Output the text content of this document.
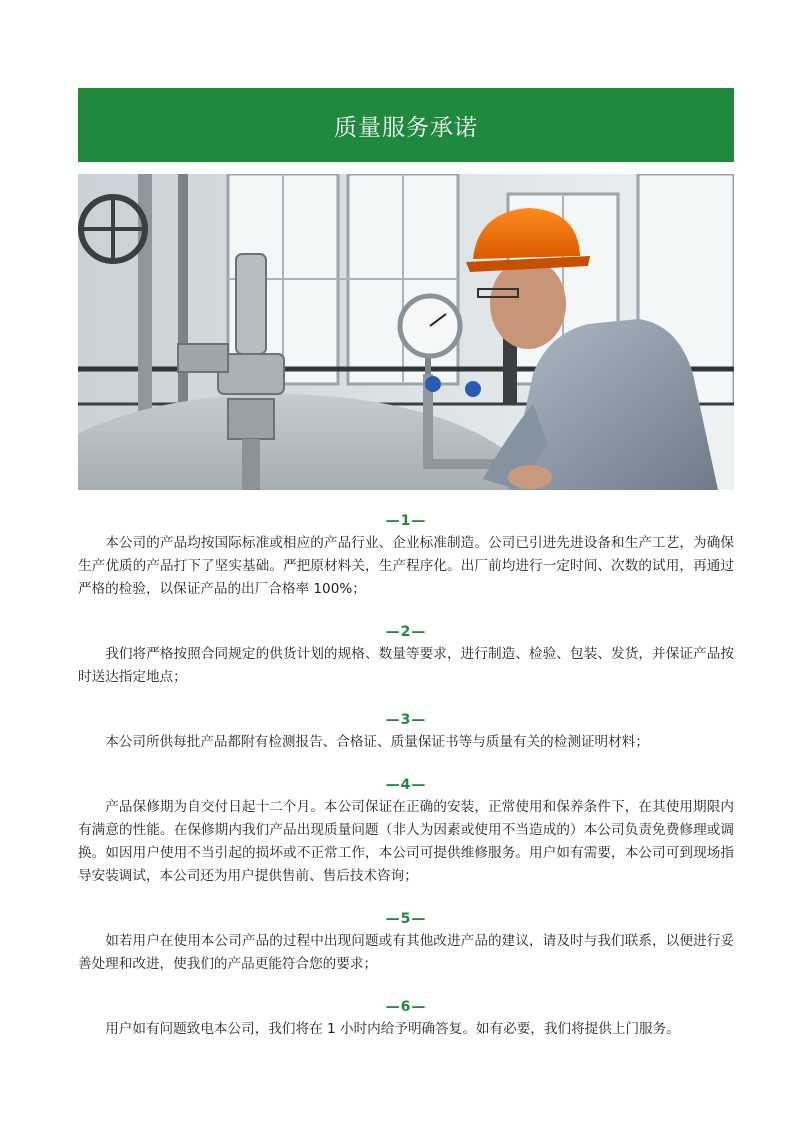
质量服务承诺
—1—

本公司的产品均按国际标准或相应的产品行业、企业标准制造。公司已引进先进设备和生产工艺，为确保生产优质的产品打下了坚实基础。严把原材料关，生产程序化。出厂前均进行一定时间、次数的试用，再通过严格的检验，以保证产品的出厂合格率 100%；

—2—

我们将严格按照合同规定的供货计划的规格、数量等要求，进行制造、检验、包装、发货，并保证产品按时送达指定地点；

—3—

本公司所供每批产品都附有检测报告、合格证、质量保证书等与质量有关的检测证明材料；

—4—

产品保修期为自交付日起十二个月。本公司保证在正确的安装，正常使用和保养条件下，在其使用期限内有满意的性能。在保修期内我们产品出现质量问题（非人为因素或使用不当造成的）本公司负责免费修理或调换。如因用户使用不当引起的损坏或不正常工作，本公司可提供维修服务。用户如有需要，本公司可到现场指导安装调试，本公司还为用户提供售前、售后技术咨询；

—5—

如若用户在使用本公司产品的过程中出现问题或有其他改进产品的建议，请及时与我们联系，以便进行妥善处理和改进，使我们的产品更能符合您的要求；

—6—

用户如有问题致电本公司，我们将在 1 小时内给予明确答复。如有必要，我们将提供上门服务。
